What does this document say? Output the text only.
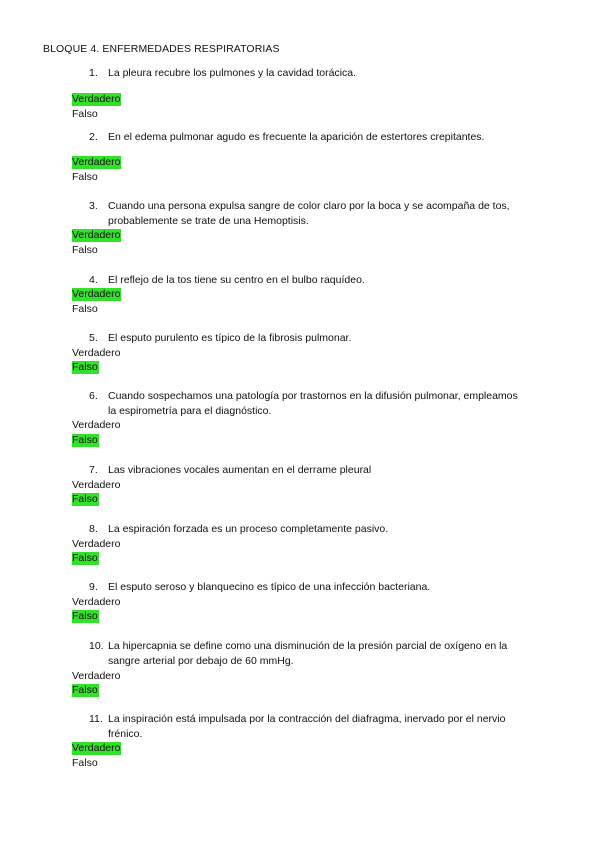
BLOQUE 4. ENFERMEDADES RESPIRATORIAS
1. La pleura recubre los pulmones y la cavidad torácica.
Verdadero
Falso
2. En el edema pulmonar agudo es frecuente la aparición de estertores crepitantes.
Verdadero
Falso
3. Cuando una persona expulsa sangre de color claro por la boca y se acompaña de tos, probablemente se trate de una Hemoptisis.
Verdadero
Falso
4. El reflejo de la tos tiene su centro en el bulbo raquídeo.
Verdadero
Falso
5. El esputo purulento es típico de la fibrosis pulmonar.
Verdadero
Falso
6. Cuando sospechamos una patología por trastornos en la difusión pulmonar, empleamos la espirometría para el diagnóstico.
Verdadero
Falso
7. Las vibraciones vocales aumentan en el derrame pleural
Verdadero
Falso
8. La espiración forzada es un proceso completamente pasivo.
Verdadero
Falso
9. El esputo seroso y blanquecino es típico de una infección bacteriana.
Verdadero
Falso
10. La hipercapnia se define como una disminución de la presión parcial de oxígeno en la sangre arterial por debajo de 60 mmHg.
Verdadero
Falso
11. La inspiración está impulsada por la contracción del diafragma, inervado por el nervio frénico.
Verdadero
Falso
